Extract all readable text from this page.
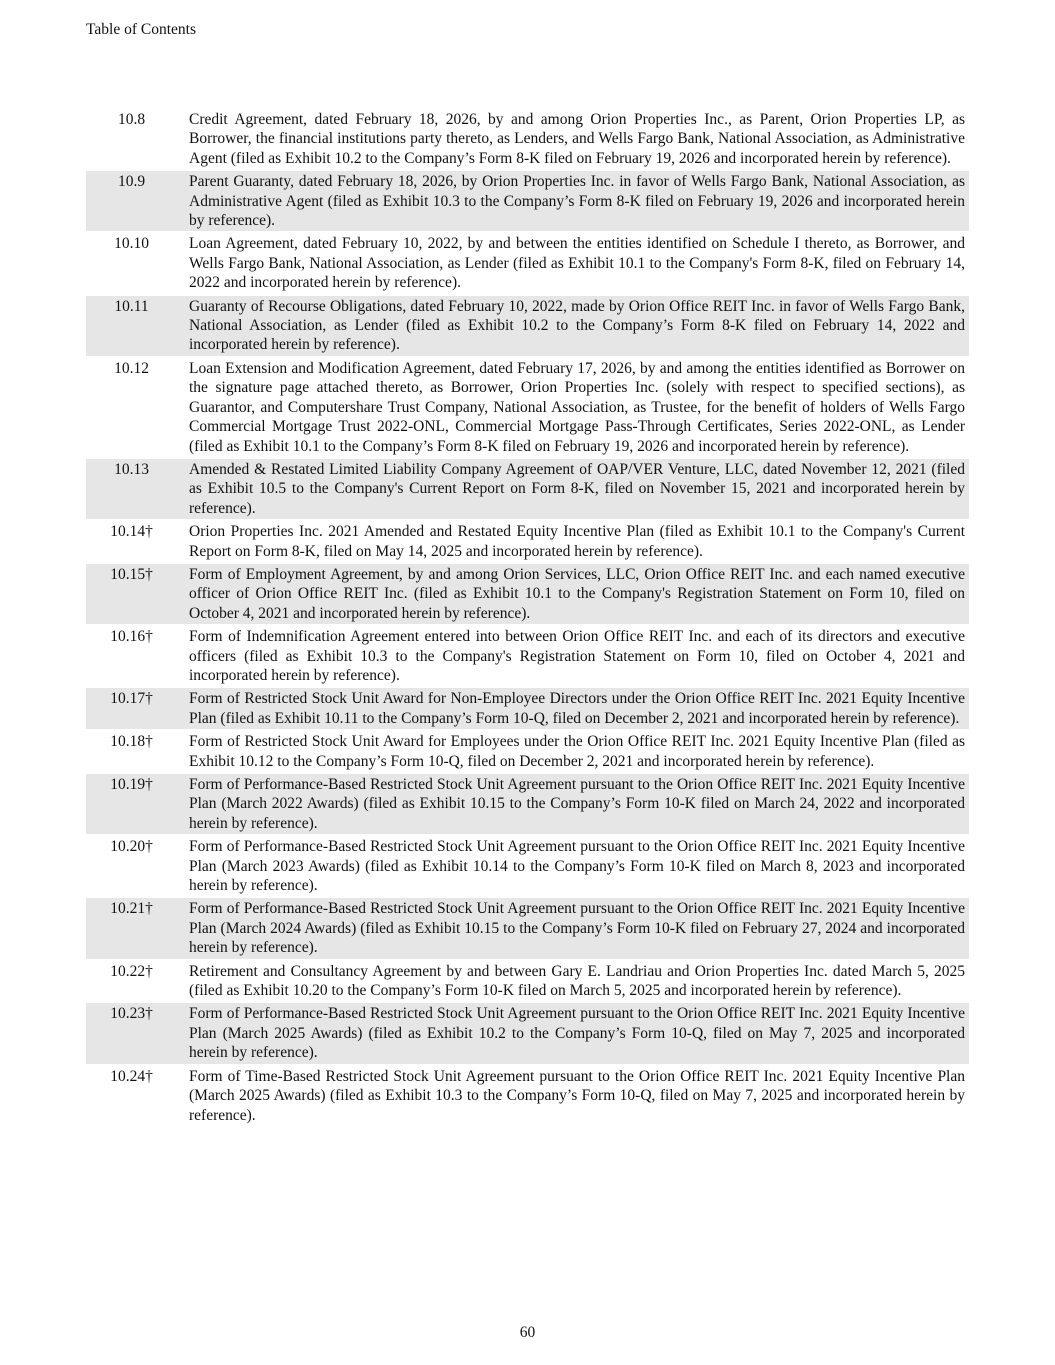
Table of Contents
10.8	Credit Agreement, dated February 18, 2026, by and among Orion Properties Inc., as Parent, Orion Properties LP, as Borrower, the financial institutions party thereto, as Lenders, and Wells Fargo Bank, National Association, as Administrative Agent (filed as Exhibit 10.2 to the Company’s Form 8-K filed on February 19, 2026 and incorporated herein by reference).
10.9	Parent Guaranty, dated February 18, 2026, by Orion Properties Inc. in favor of Wells Fargo Bank, National Association, as Administrative Agent (filed as Exhibit 10.3 to the Company’s Form 8-K filed on February 19, 2026 and incorporated herein by reference).
10.10	Loan Agreement, dated February 10, 2022, by and between the entities identified on Schedule I thereto, as Borrower, and Wells Fargo Bank, National Association, as Lender (filed as Exhibit 10.1 to the Company's Form 8-K, filed on February 14, 2022 and incorporated herein by reference).
10.11	Guaranty of Recourse Obligations, dated February 10, 2022, made by Orion Office REIT Inc. in favor of Wells Fargo Bank, National Association, as Lender (filed as Exhibit 10.2 to the Company’s Form 8-K filed on February 14, 2022 and incorporated herein by reference).
10.12	Loan Extension and Modification Agreement, dated February 17, 2026, by and among the entities identified as Borrower on the signature page attached thereto, as Borrower, Orion Properties Inc. (solely with respect to specified sections), as Guarantor, and Computershare Trust Company, National Association, as Trustee, for the benefit of holders of Wells Fargo Commercial Mortgage Trust 2022-ONL, Commercial Mortgage Pass-Through Certificates, Series 2022-ONL, as Lender (filed as Exhibit 10.1 to the Company’s Form 8-K filed on February 19, 2026 and incorporated herein by reference).
10.13	Amended & Restated Limited Liability Company Agreement of OAP/VER Venture, LLC, dated November 12, 2021 (filed as Exhibit 10.5 to the Company's Current Report on Form 8-K, filed on November 15, 2021 and incorporated herein by reference).
10.14†	Orion Properties Inc. 2021 Amended and Restated Equity Incentive Plan (filed as Exhibit 10.1 to the Company's Current Report on Form 8-K, filed on May 14, 2025 and incorporated herein by reference).
10.15†	Form of Employment Agreement, by and among Orion Services, LLC, Orion Office REIT Inc. and each named executive officer of Orion Office REIT Inc. (filed as Exhibit 10.1 to the Company's Registration Statement on Form 10, filed on October 4, 2021 and incorporated herein by reference).
10.16†	Form of Indemnification Agreement entered into between Orion Office REIT Inc. and each of its directors and executive officers (filed as Exhibit 10.3 to the Company's Registration Statement on Form 10, filed on October 4, 2021 and incorporated herein by reference).
10.17†	Form of Restricted Stock Unit Award for Non-Employee Directors under the Orion Office REIT Inc. 2021 Equity Incentive Plan (filed as Exhibit 10.11 to the Company’s Form 10-Q, filed on December 2, 2021 and incorporated herein by reference).
10.18†	Form of Restricted Stock Unit Award for Employees under the Orion Office REIT Inc. 2021 Equity Incentive Plan (filed as Exhibit 10.12 to the Company’s Form 10-Q, filed on December 2, 2021 and incorporated herein by reference).
10.19†	Form of Performance-Based Restricted Stock Unit Agreement pursuant to the Orion Office REIT Inc. 2021 Equity Incentive Plan (March 2022 Awards) (filed as Exhibit 10.15 to the Company’s Form 10-K filed on March 24, 2022 and incorporated herein by reference).
10.20†	Form of Performance-Based Restricted Stock Unit Agreement pursuant to the Orion Office REIT Inc. 2021 Equity Incentive Plan (March 2023 Awards) (filed as Exhibit 10.14 to the Company’s Form 10-K filed on March 8, 2023 and incorporated herein by reference).
10.21†	Form of Performance-Based Restricted Stock Unit Agreement pursuant to the Orion Office REIT Inc. 2021 Equity Incentive Plan (March 2024 Awards) (filed as Exhibit 10.15 to the Company’s Form 10-K filed on February 27, 2024 and incorporated herein by reference).
10.22†	Retirement and Consultancy Agreement by and between Gary E. Landriau and Orion Properties Inc. dated March 5, 2025 (filed as Exhibit 10.20 to the Company’s Form 10-K filed on March 5, 2025 and incorporated herein by reference).
10.23†	Form of Performance-Based Restricted Stock Unit Agreement pursuant to the Orion Office REIT Inc. 2021 Equity Incentive Plan (March 2025 Awards) (filed as Exhibit 10.2 to the Company’s Form 10-Q, filed on May 7, 2025 and incorporated herein by reference).
10.24†	Form of Time-Based Restricted Stock Unit Agreement pursuant to the Orion Office REIT Inc. 2021 Equity Incentive Plan (March 2025 Awards) (filed as Exhibit 10.3 to the Company’s Form 10-Q, filed on May 7, 2025 and incorporated herein by reference).
60
